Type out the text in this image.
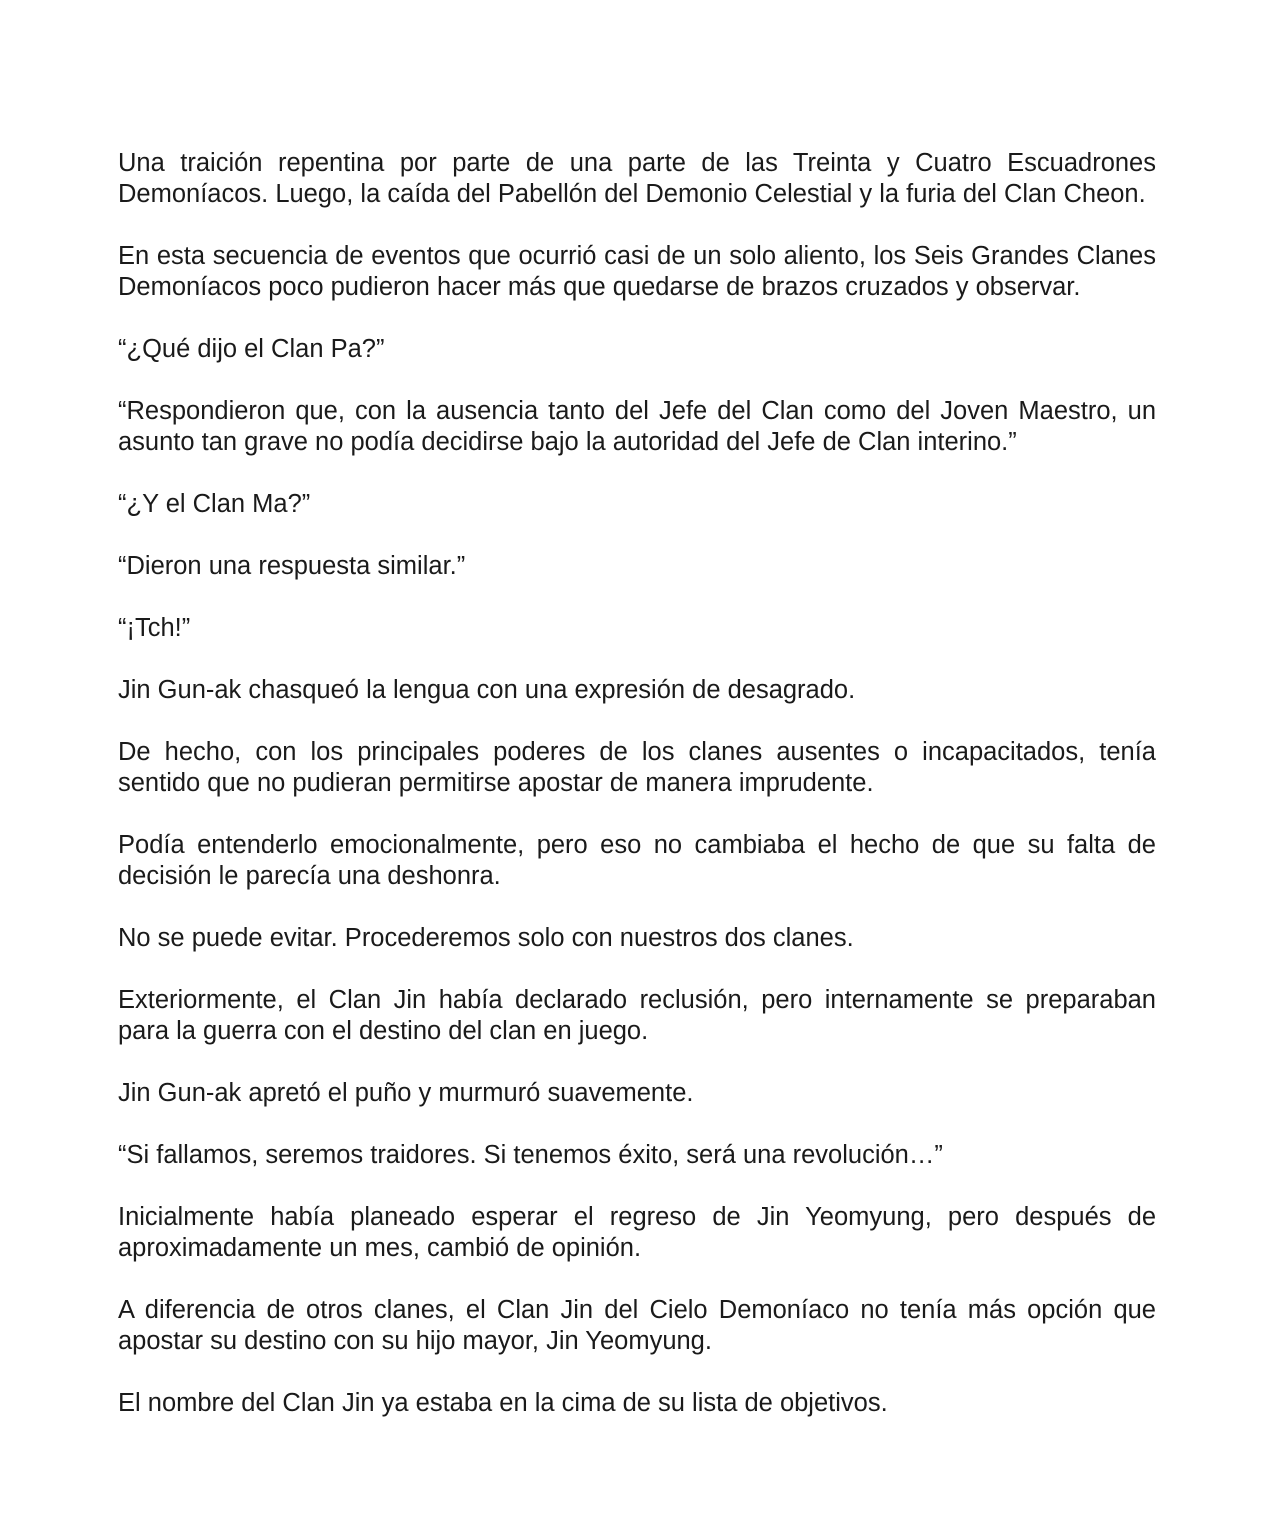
Una traición repentina por parte de una parte de las Treinta y Cuatro Escuadrones Demoníacos. Luego, la caída del Pabellón del Demonio Celestial y la furia del Clan Cheon.

En esta secuencia de eventos que ocurrió casi de un solo aliento, los Seis Grandes Clanes Demoníacos poco pudieron hacer más que quedarse de brazos cruzados y observar.

“¿Qué dijo el Clan Pa?”

“Respondieron que, con la ausencia tanto del Jefe del Clan como del Joven Maestro, un asunto tan grave no podía decidirse bajo la autoridad del Jefe de Clan interino.”

“¿Y el Clan Ma?”

“Dieron una respuesta similar.”

“¡Tch!”

Jin Gun-ak chasqueó la lengua con una expresión de desagrado.

De hecho, con los principales poderes de los clanes ausentes o incapacitados, tenía sentido que no pudieran permitirse apostar de manera imprudente.

Podía entenderlo emocionalmente, pero eso no cambiaba el hecho de que su falta de decisión le parecía una deshonra.

No se puede evitar. Procederemos solo con nuestros dos clanes.

Exteriormente, el Clan Jin había declarado reclusión, pero internamente se preparaban para la guerra con el destino del clan en juego.

Jin Gun-ak apretó el puño y murmuró suavemente.

“Si fallamos, seremos traidores. Si tenemos éxito, será una revolución…”

Inicialmente había planeado esperar el regreso de Jin Yeomyung, pero después de aproximadamente un mes, cambió de opinión.

A diferencia de otros clanes, el Clan Jin del Cielo Demoníaco no tenía más opción que apostar su destino con su hijo mayor, Jin Yeomyung.

El nombre del Clan Jin ya estaba en la cima de su lista de objetivos.
